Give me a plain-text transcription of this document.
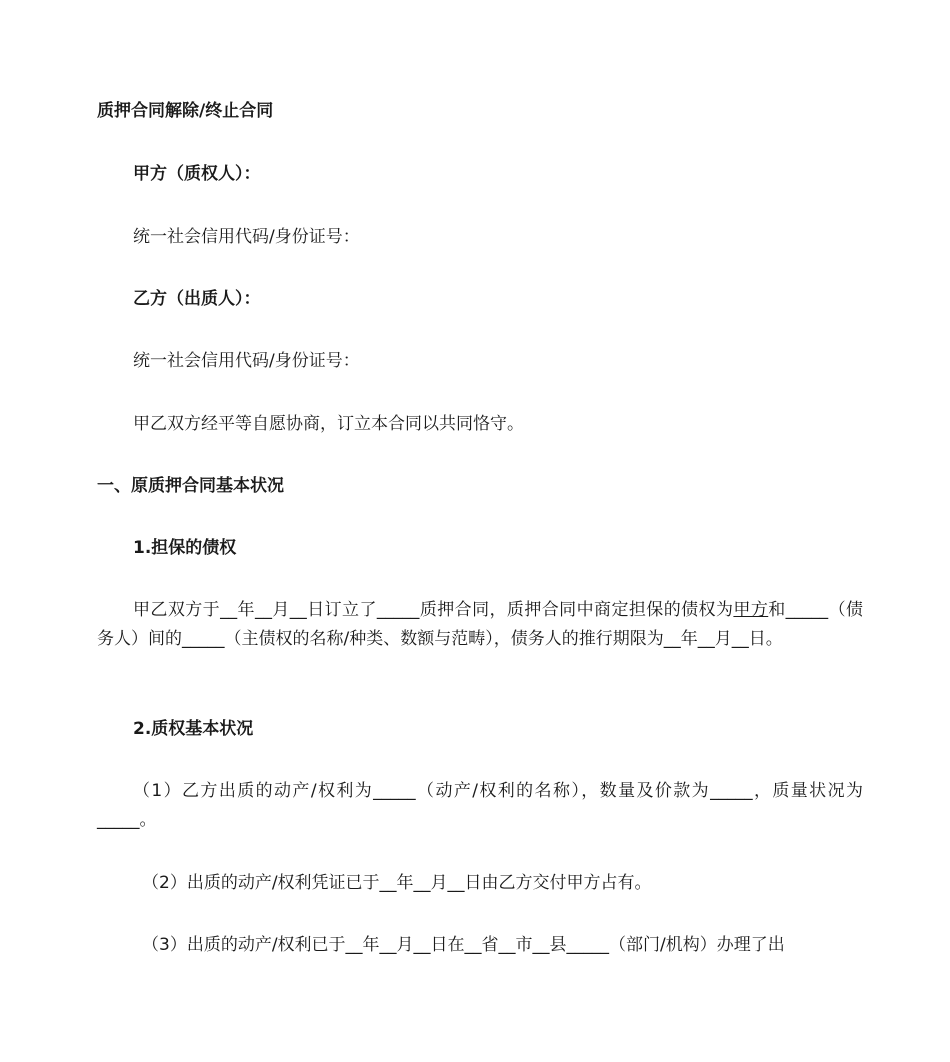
质押合同解除/终止合同
甲方（质权人）：
统一社会信用代码/身份证号：
乙方（出质人）：
统一社会信用代码/身份证号：
甲乙双方经平等自愿协商，订立本合同以共同恪守。
一、原质押合同基本状况
1.担保的债权
甲乙双方于__年__月__日订立了_____质押合同，质押合同中商定担保的债权为甲方和_____（债务人）间的_____（主债权的名称/种类、数额与范畴），债务人的推行期限为__年__月__日。
2.质权基本状况
（1）乙方出质的动产/权利为_____（动产/权利的名称），数量及价款为_____，质量状况为_____。
（2）出质的动产/权利凭证已于__年__月__日由乙方交付甲方占有。
（3）出质的动产/权利已于__年__月__日在__省__市__县_____（部门/机构）办理了出
